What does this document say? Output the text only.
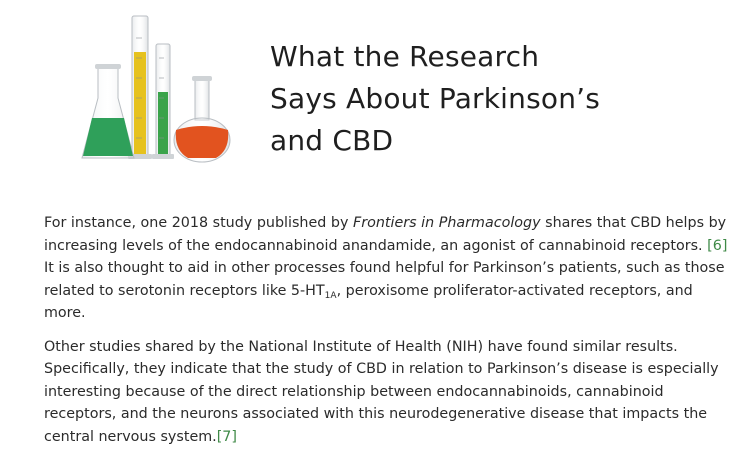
What the Research
Says About Parkinson’s
and CBD

For instance, one 2018 study published by Frontiers in Pharmacology shares that CBD helps by increasing levels of the endocannabinoid anandamide, an agonist of cannabinoid receptors. [6] It is also thought to aid in other processes found helpful for Parkinson’s patients, such as those related to serotonin receptors like $5-HT_{1A}$, peroxisome proliferator-activated receptors, and more.

Other studies shared by the National Institute of Health (NIH) have found similar results. Specifically, they indicate that the study of CBD in relation to Parkinson’s disease is especially interesting because of the direct relationship between endocannabinoids, cannabinoid receptors, and the neurons associated with this neurodegenerative disease that impacts the central nervous system.[7]
